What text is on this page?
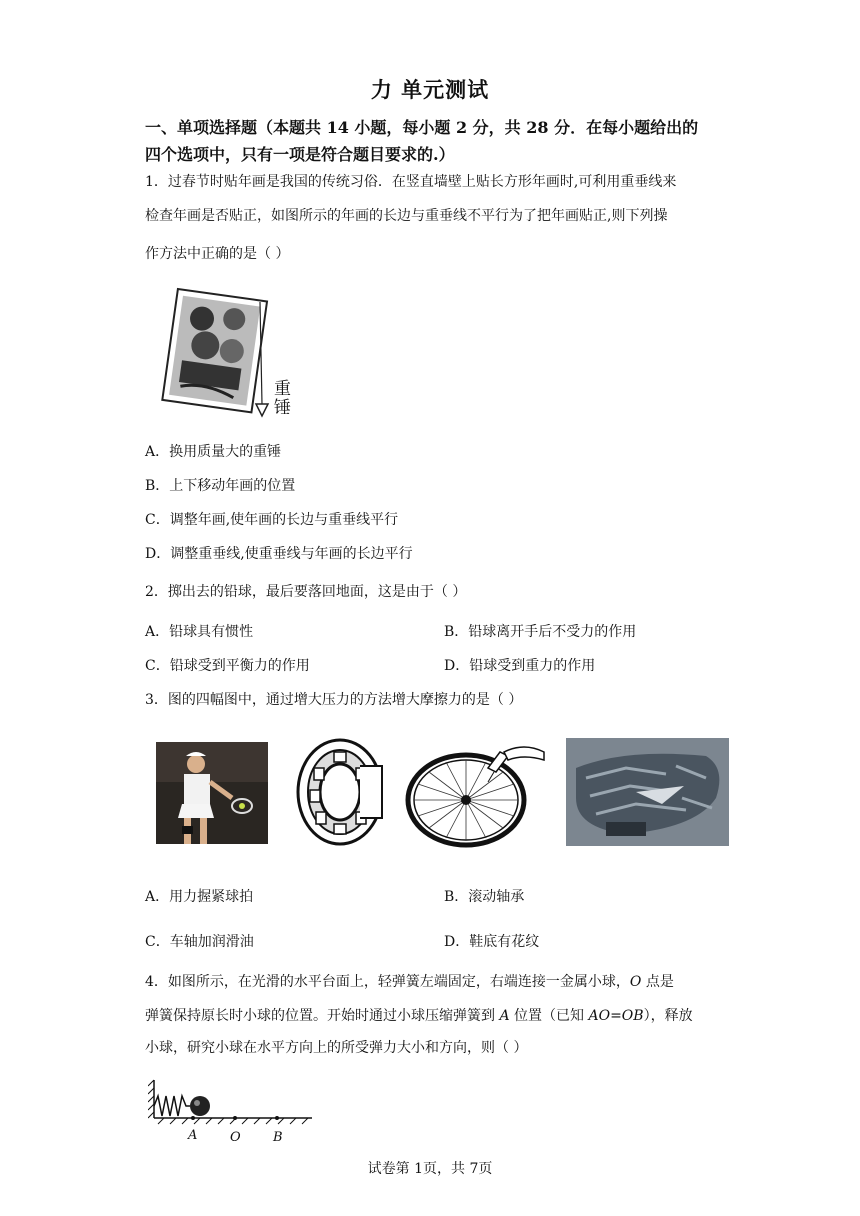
力 单元测试
一、单项选择题（本题共 14 小题，每小题 2 分，共 28 分．在每小题给出的
四个选项中，只有一项是符合题目要求的.）
1．过春节时贴年画是我国的传统习俗．在竖直墙壁上贴长方形年画时,可利用重垂线来
检查年画是否贴正，如图所示的年画的长边与重垂线不平行为了把年画贴正,则下列操
作方法中正确的是（ ）
重锤
A．换用质量大的重锤
B．上下移动年画的位置
C．调整年画,使年画的长边与重垂线平行
D．调整重垂线,使重垂线与年画的长边平行
2．掷出去的铅球，最后要落回地面，这是由于（ ）
A．铅球具有惯性	B．铅球离开手后不受力的作用
C．铅球受到平衡力的作用	D．铅球受到重力的作用
3．图的四幅图中，通过增大压力的方法增大摩擦力的是（ ）
A．用力握紧球拍	B．滚动轴承
C．车轴加润滑油	D．鞋底有花纹
4．如图所示，在光滑的水平台面上，轻弹簧左端固定，右端连接一金属小球，O 点是
弹簧保持原长时小球的位置。开始时通过小球压缩弹簧到 A 位置（已知 AO=OB），释放
小球，研究小球在水平方向上的所受弹力大小和方向，则（ ）
A	O B
试卷第 1页，共 7页
